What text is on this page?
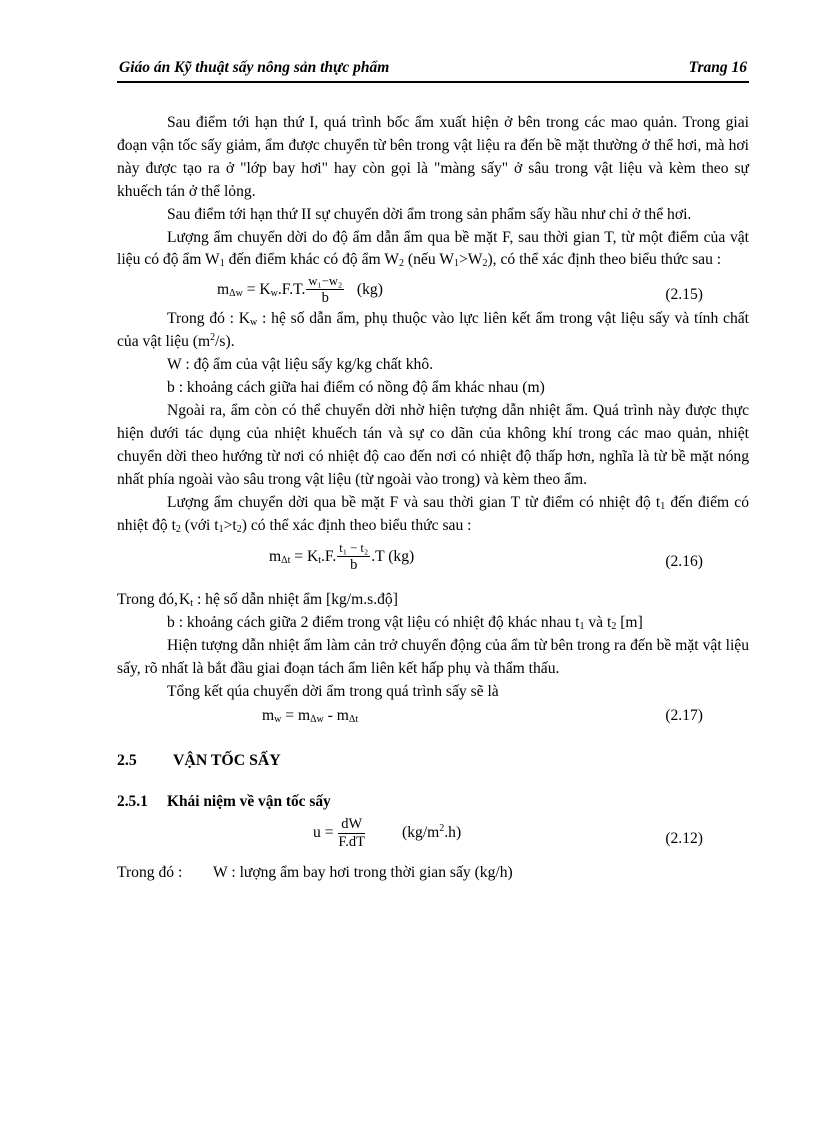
Giáo án Kỹ thuật sấy nông sản thực phẩm	Trang 16

Sau điểm tới hạn thứ I, quá trình bốc ẩm xuất hiện ở bên trong các mao quản. Trong giai đoạn vận tốc sấy giảm, ẩm được chuyển từ bên trong vật liệu ra đến bề mặt thường ở thể hơi, mà hơi này được tạo ra ở "lớp bay hơi" hay còn gọi là "màng sấy" ở sâu trong vật liệu và kèm theo sự khuếch tán ở thể lỏng.

Sau điểm tới hạn thứ II sự chuyển dời ẩm trong sản phẩm sấy hầu như chỉ ở thể hơi.

Lượng ẩm chuyển dời do độ ẩm dẫn ẩm qua bề mặt F, sau thời gian T, từ một điểm của vật liệu có độ ẩm $W_1$ đến điểm khác có độ ẩm $W_2$ (nếu $W_1>W_2$), có thể xác định theo biểu thức sau :

$m_{\Delta w} = K_w.F.T$. $\frac{\text{w₁−w₂}}{b} (kg)$	(2.15)

Trong đó : $K_w$ : hệ số dẫn ẩm, phụ thuộc vào lực liên kết ẩm trong vật liệu sấy và tính chất của vật liệu $(m^2/s)$.

W : độ ẩm của vật liệu sấy kg/kg chất khô.

b : khoảng cách giữa hai điểm có nồng độ ẩm khác nhau (m)

Ngoài ra, ẩm còn có thể chuyển dời nhờ hiện tượng dẫn nhiệt ẩm. Quá trình này được thực hiện dưới tác dụng của nhiệt khuếch tán và sự co dãn của không khí trong các mao quản, nhiệt chuyển dời theo hướng từ nơi có nhiệt độ cao đến nơi có nhiệt độ thấp hơn, nghĩa là từ bề mặt nóng nhất phía ngoài vào sâu trong vật liệu (từ ngoài vào trong) và kèm theo ẩm.

Lượng ẩm chuyển dời qua bề mặt F và sau thời gian T từ điểm có nhiệt độ $t_1$ đến điểm có nhiệt độ $t_2$ (với $t_1>t_2$) có thể xác định theo biểu thức sau :

$m_{\Delta t} = K_t.F$. $\frac{\text{t₁ − t₂}}{b} .T$ (kg)	(2.16)

Trong $đó,K_t$ : hệ số dẫn nhiệt ẩm [kg/m.s.độ]

b : khoảng cách giữa 2 điểm trong vật liệu có nhiệt độ khác nhau $t_1$ và $t_2$ [m]

Hiện tượng dẫn nhiệt ẩm làm cản trở chuyển động của ẩm từ bên trong ra đến bề mặt vật liệu sấy, rõ nhất là bắt đầu giai đoạn tách ẩm liên kết hấp phụ và thẩm thấu.

Tổng kết qúa chuyển dời ẩm trong quá trình sấy sẽ là

$m_w = m_{\Delta w} - m_{\Delta t}$	(2.17)
2.5 VẬN TỐC SẤY
2.5.1 Khái niệm về vận tốc sấy
$u = \frac{dW}{F.dT} (kg/m^2.h)$	(2.12)

Trong đó : W : lượng ẩm bay hơi trong thời gian sấy (kg/h)
